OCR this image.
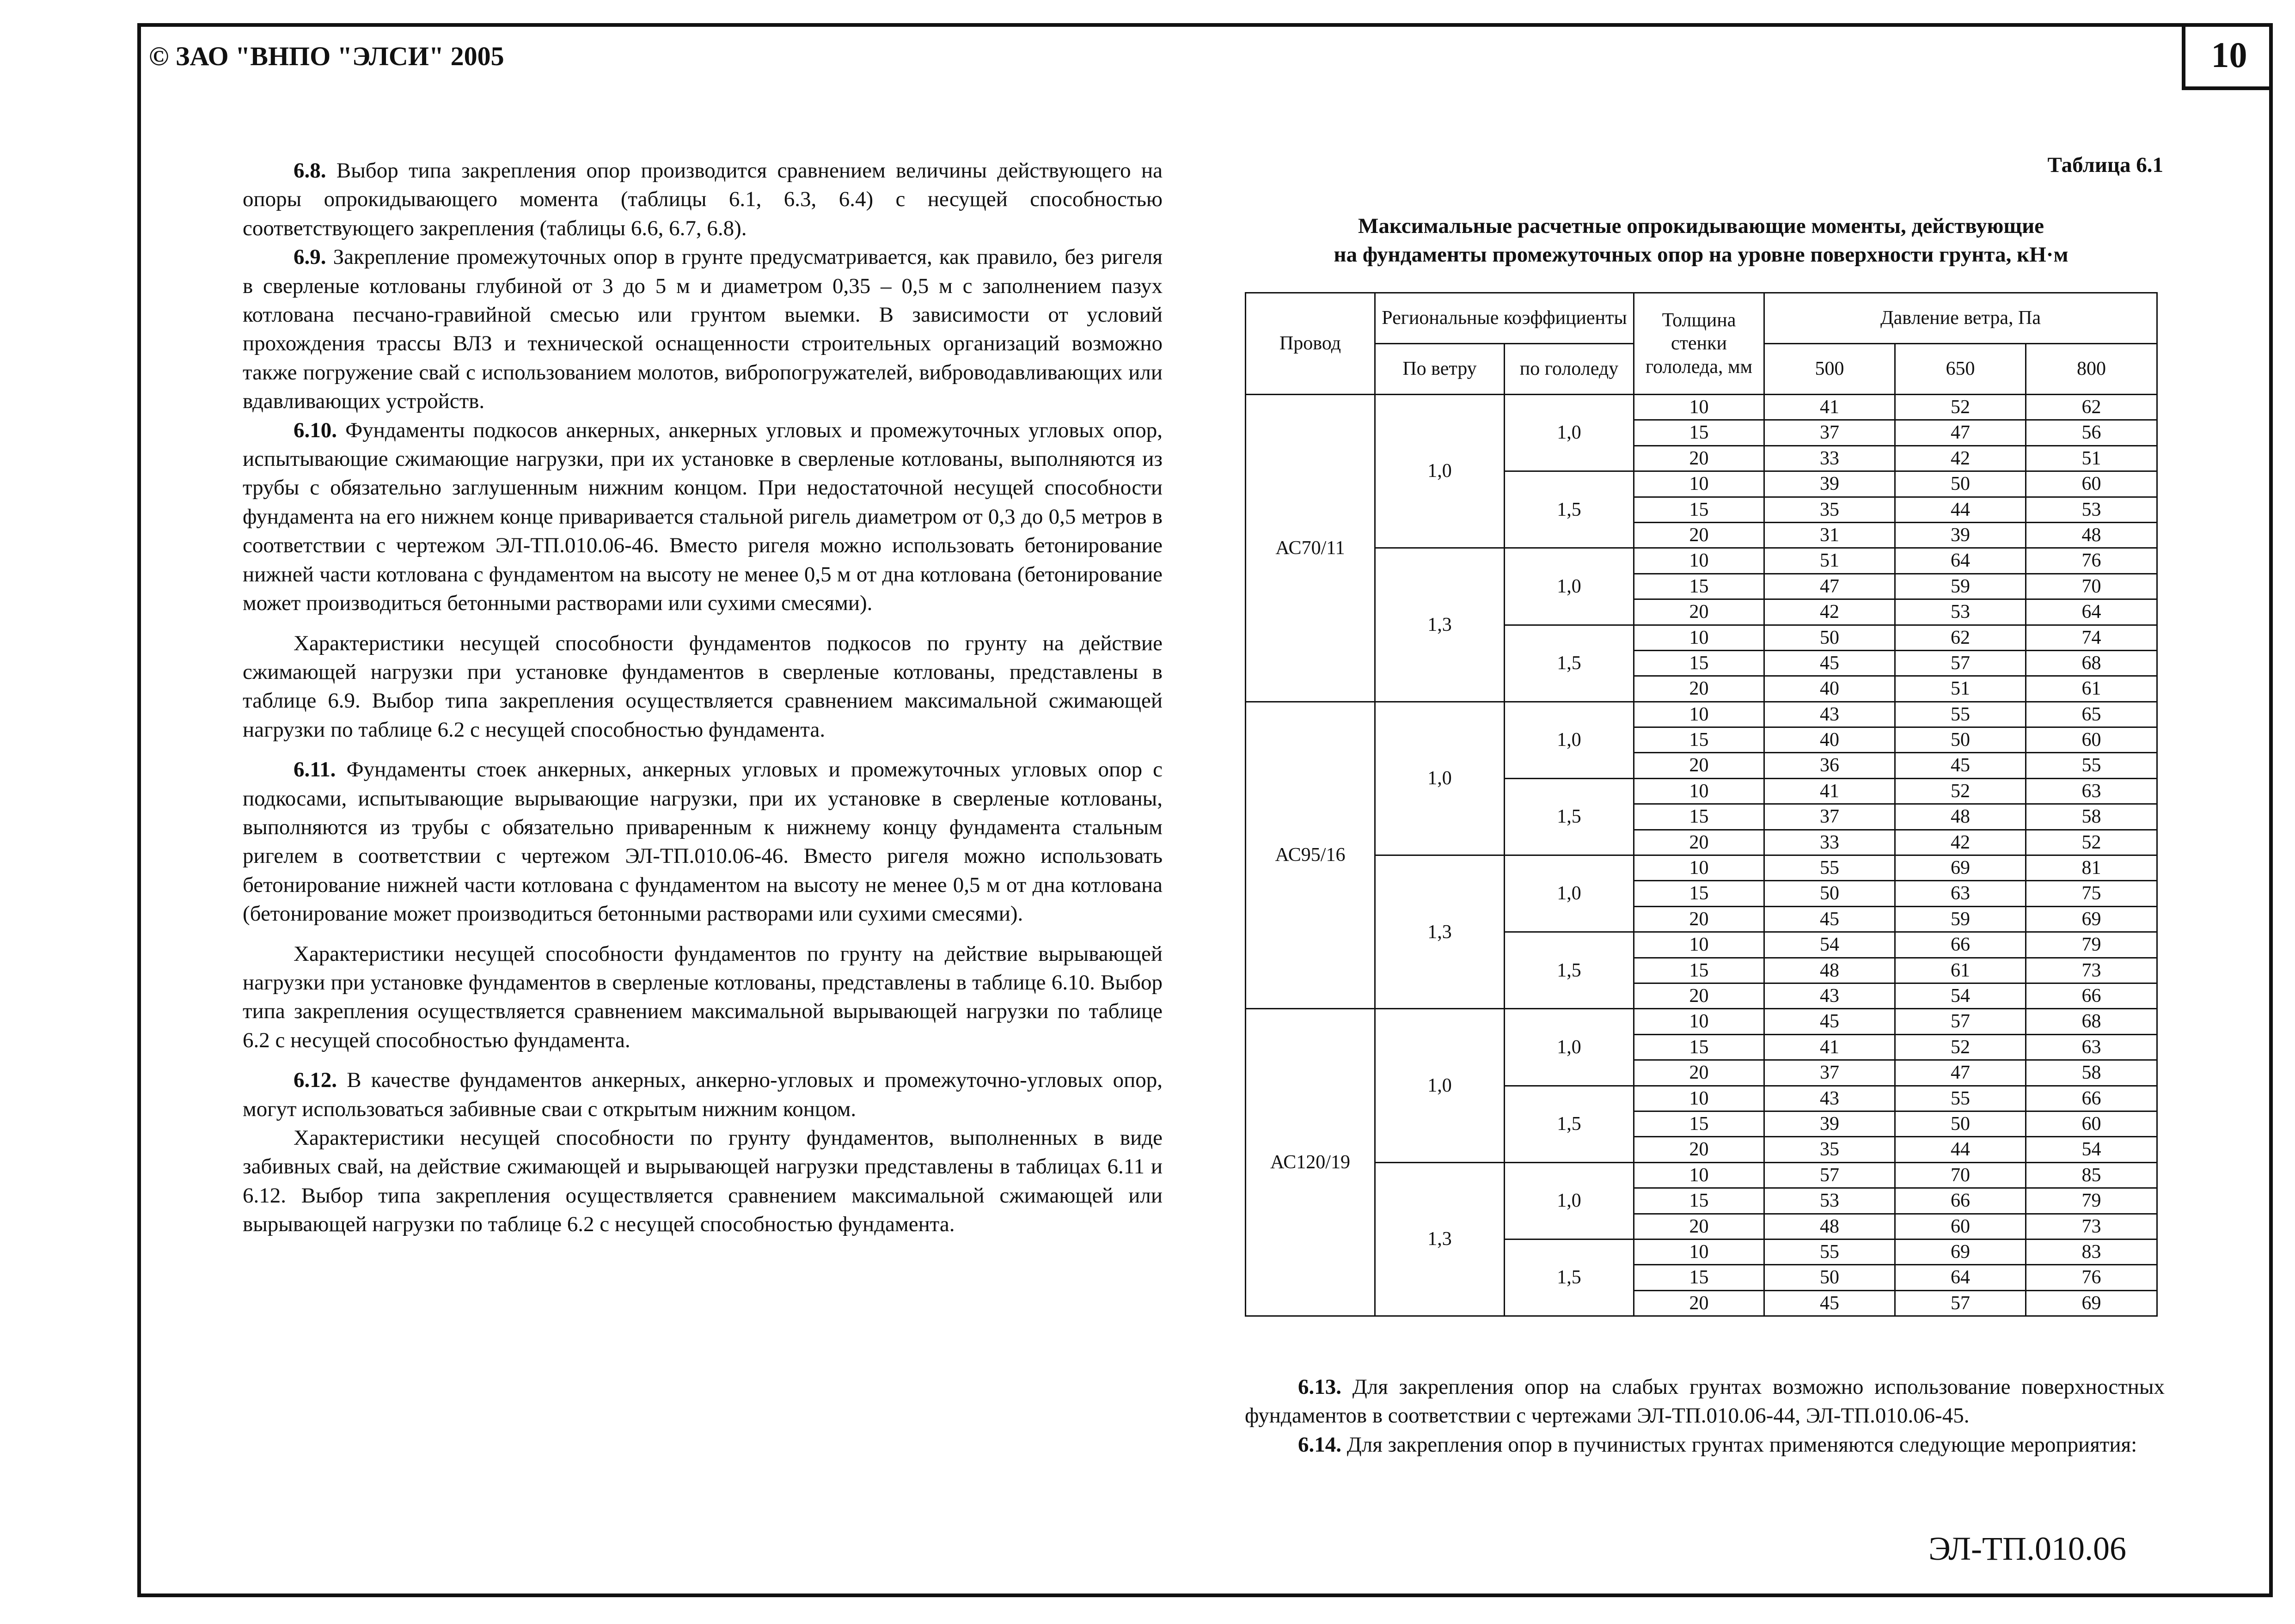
© ЗАО "ВНПО "ЭЛСИ" 2005	10

6.8. Выбор типа закрепления опор производится сравнением величины действующего на опоры опрокидывающего момента (таблицы 6.1, 6.3, 6.4) с несущей способностью соответствующего закрепления (таблицы 6.6, 6.7, 6.8).

6.9. Закрепление промежуточных опор в грунте предусматривается, как правило, без ригеля в сверленые котлованы глубиной от 3 до 5 м и диаметром 0,35 – 0,5 м с заполнением пазух котлована песчано-гравийной смесью или грунтом выемки. В зависимости от условий прохождения трассы ВЛЗ и технической оснащенности строительных организаций возможно также погружение свай с использованием молотов, вибропогружателей, виброводавливающих или вдавливающих устройств.

6.10. Фундаменты подкосов анкерных, анкерных угловых и промежуточных угловых опор, испытывающие сжимающие нагрузки, при их установке в сверленые котлованы, выполняются из трубы с обязательно заглушенным нижним концом. При недостаточной несущей способности фундамента на его нижнем конце приваривается стальной ригель диаметром от 0,3 до 0,5 метров в соответствии с чертежом ЭЛ-ТП.010.06-46. Вместо ригеля можно использовать бетонирование нижней части котлована с фундаментом на высоту не менее 0,5 м от дна котлована (бетонирование может производиться бетонными растворами или сухими смесями).

Характеристики несущей способности фундаментов подкосов по грунту на действие сжимающей нагрузки при установке фундаментов в сверленые котлованы, представлены в таблице 6.9. Выбор типа закрепления осуществляется сравнением максимальной сжимающей нагрузки по таблице 6.2 с несущей способностью фундамента.

6.11. Фундаменты стоек анкерных, анкерных угловых и промежуточных угловых опор с подкосами, испытывающие вырывающие нагрузки, при их установке в сверленые котлованы, выполняются из трубы с обязательно приваренным к нижнему концу фундамента стальным ригелем в соответствии с чертежом ЭЛ-ТП.010.06-46. Вместо ригеля можно использовать бетонирование нижней части котлована с фундаментом на высоту не менее 0,5 м от дна котлована (бетонирование может производиться бетонными растворами или сухими смесями).

Характеристики несущей способности фундаментов по грунту на действие вырывающей нагрузки при установке фундаментов в сверленые котлованы, представлены в таблице 6.10. Выбор типа закрепления осуществляется сравнением максимальной вырывающей нагрузки по таблице 6.2 с несущей способностью фундамента.

6.12. В качестве фундаментов анкерных, анкерно-угловых и промежуточно-угловых опор, могут использоваться забивные сваи с открытым нижним концом.

Характеристики несущей способности по грунту фундаментов, выполненных в виде забивных свай, на действие сжимающей и вырывающей нагрузки представлены в таблицах 6.11 и 6.12. Выбор типа закрепления осуществляется сравнением максимальной сжимающей или вырывающей нагрузки по таблице 6.2 с несущей способностью фундамента.

Таблица 6.1
Максимальные расчетные опрокидывающие моменты, действующие
на фундаменты промежуточных опор на уровне поверхности грунта, кН·м
Провод	Региональные коэффициенты		Толщина стенки гололеда, мм	Давление ветра, Па		
	По ветру	по гололеду		500	650	800
АС70/11	1,0	1,0	10	41	52	62
			15	37	47	56
			20	33	42	51
		1,5	10	39	50	60
			15	35	44	53
			20	31	39	48
	1,3	1,0	10	51	64	76
			15	47	59	70
			20	42	53	64
		1,5	10	50	62	74
			15	45	57	68
			20	40	51	61
АС95/16	1,0	1,0	10	43	55	65
			15	40	50	60
			20	36	45	55
		1,5	10	41	52	63
			15	37	48	58
			20	33	42	52
	1,3	1,0	10	55	69	81
			15	50	63	75
			20	45	59	69
		1,5	10	54	66	79
			15	48	61	73
			20	43	54	66
АС120/19	1,0	1,0	10	45	57	68
			15	41	52	63
			20	37	47	58
		1,5	10	43	55	66
			15	39	50	60
			20	35	44	54
	1,3	1,0	10	57	70	85
			15	53	66	79
			20	48	60	73
		1,5	10	55	69	83
			15	50	64	76
			20	45	57	69

6.13. Для закрепления опор на слабых грунтах возможно использование поверхностных фундаментов в соответствии с чертежами ЭЛ-ТП.010.06-44, ЭЛ-ТП.010.06-45.

6.14. Для закрепления опор в пучинистых грунтах применяются следующие мероприятия:

ЭЛ-ТП.010.06
